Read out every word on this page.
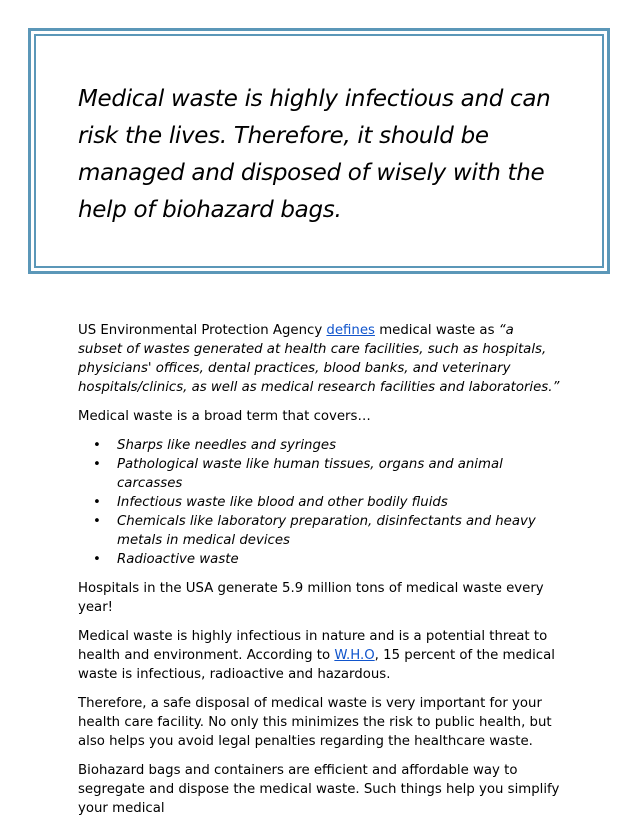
Medical waste is highly infectious and can risk the lives. Therefore, it should be managed and disposed of wisely with the help of biohazard bags.

US Environmental Protection Agency defines medical waste as “a subset of wastes generated at health care facilities, such as hospitals, physicians' offices, dental practices, blood banks, and veterinary hospitals/clinics, as well as medical research facilities and laboratories.”

Medical waste is a broad term that covers…

• Sharps like needles and syringes
• Pathological waste like human tissues, organs and animal carcasses
• Infectious waste like blood and other bodily fluids
• Chemicals like laboratory preparation, disinfectants and heavy metals in medical devices
• Radioactive waste

Hospitals in the USA generate 5.9 million tons of medical waste every year!

Medical waste is highly infectious in nature and is a potential threat to health and environment. According to W.H.O, 15 percent of the medical waste is infectious, radioactive and hazardous.

Therefore, a safe disposal of medical waste is very important for your health care facility. No only this minimizes the risk to public health, but also helps you avoid legal penalties regarding the healthcare waste.

Biohazard bags and containers are efficient and affordable way to segregate and dispose the medical waste. Such things help you simplify your medical
